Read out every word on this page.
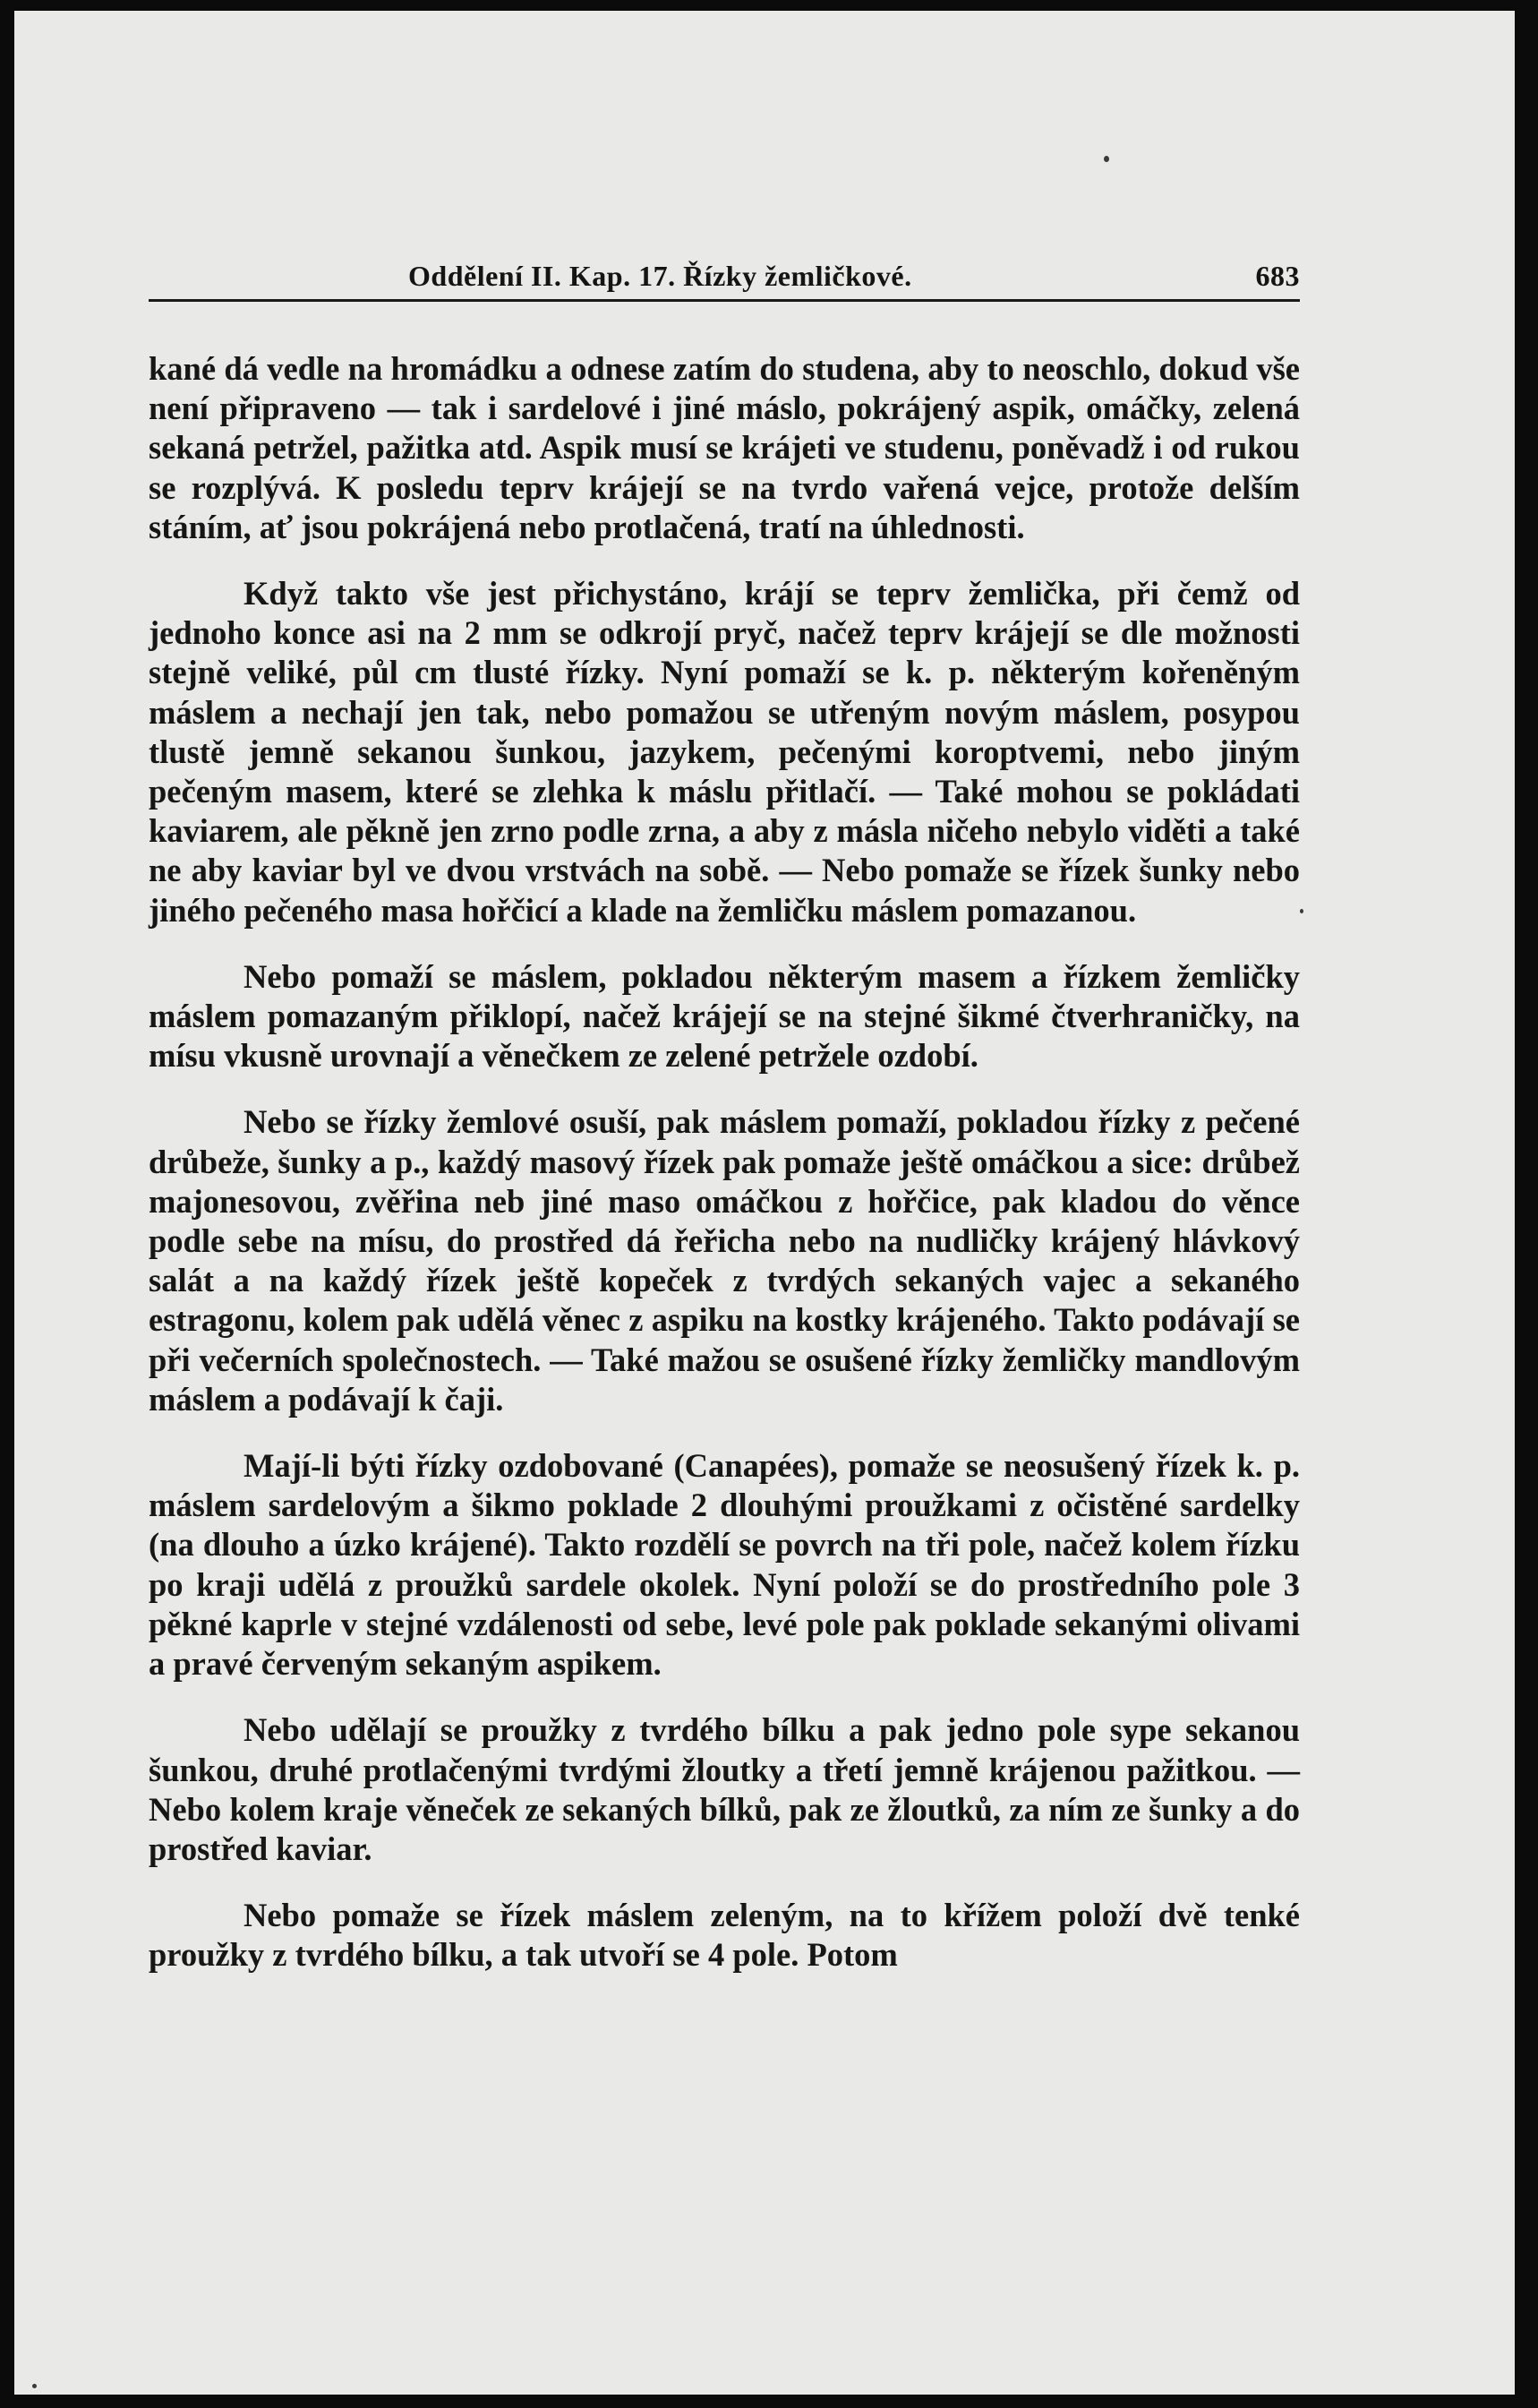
Oddělení II. Kap. 17. Řízky žemličkové.	683

kané dá vedle na hromádku a odnese zatím do studena, aby to neoschlo, dokud vše není připraveno — tak i sardelové i jiné máslo, pokrájený aspik, omáčky, zelená sekaná petržel, pažitka atd. Aspik musí se krájeti ve studenu, poněvadž i od rukou se rozplývá. K posledu teprv krájejí se na tvrdo vařená vejce, protože delším stáním, ať jsou pokrájená nebo protlačená, tratí na úhlednosti.

Když takto vše jest přichystáno, krájí se teprv žemlička, při čemž od jednoho konce asi na 2 mm se odkrojí pryč, načež teprv krájejí se dle možnosti stejně veliké, půl cm tlusté řízky. Nyní pomaží se k. p. některým kořeněným máslem a nechají jen tak, nebo pomažou se utřeným novým máslem, posypou tlustě jemně sekanou šunkou, jazykem, pečenými koroptvemi, nebo jiným pečeným masem, které se zlehka k máslu přitlačí. — Také mohou se pokládati kaviarem, ale pěkně jen zrno podle zrna, a aby z másla ničeho nebylo viděti a také ne aby kaviar byl ve dvou vrstvách na sobě. — Nebo pomaže se řízek šunky nebo jiného pečeného masa hořčicí a klade na žemličku máslem pomazanou.

Nebo pomaží se máslem, pokladou některým masem a řízkem žemličky máslem pomazaným přiklopí, načež krájejí se na stejné šikmé čtverhraničky, na mísu vkusně urovnají a věnečkem ze zelené petržele ozdobí.

Nebo se řízky žemlové osuší, pak máslem pomaží, pokladou řízky z pečené drůbeže, šunky a p., každý masový řízek pak pomaže ještě omáčkou a sice: drůbež majonesovou, zvěřina neb jiné maso omáčkou z hořčice, pak kladou do věnce podle sebe na mísu, do prostřed dá řeřicha nebo na nudličky krájený hlávkový salát a na každý řízek ještě kopeček z tvrdých sekaných vajec a sekaného estragonu, kolem pak udělá věnec z aspiku na kostky krájeného. Takto podávají se při večerních společnostech. — Také mažou se osušené řízky žemličky mandlovým máslem a podávají k čaji.

Mají-li býti řízky ozdobované (Canapées), pomaže se neosušený řízek k. p. máslem sardelovým a šikmo poklade 2 dlouhými proužkami z očistěné sardelky (na dlouho a úzko krájené). Takto rozdělí se povrch na tři pole, načež kolem řízku po kraji udělá z proužků sardele okolek. Nyní položí se do prostředního pole 3 pěkné kaprle v stejné vzdálenosti od sebe, levé pole pak poklade sekanými olivami a pravé červeným sekaným aspikem.

Nebo udělají se proužky z tvrdého bílku a pak jedno pole sype sekanou šunkou, druhé protlačenými tvrdými žloutky a třetí jemně krájenou pažitkou. — Nebo kolem kraje věneček ze sekaných bílků, pak ze žloutků, za ním ze šunky a do prostřed kaviar.

Nebo pomaže se řízek máslem zeleným, na to křížem položí dvě tenké proužky z tvrdého bílku, a tak utvoří se 4 pole. Potom
